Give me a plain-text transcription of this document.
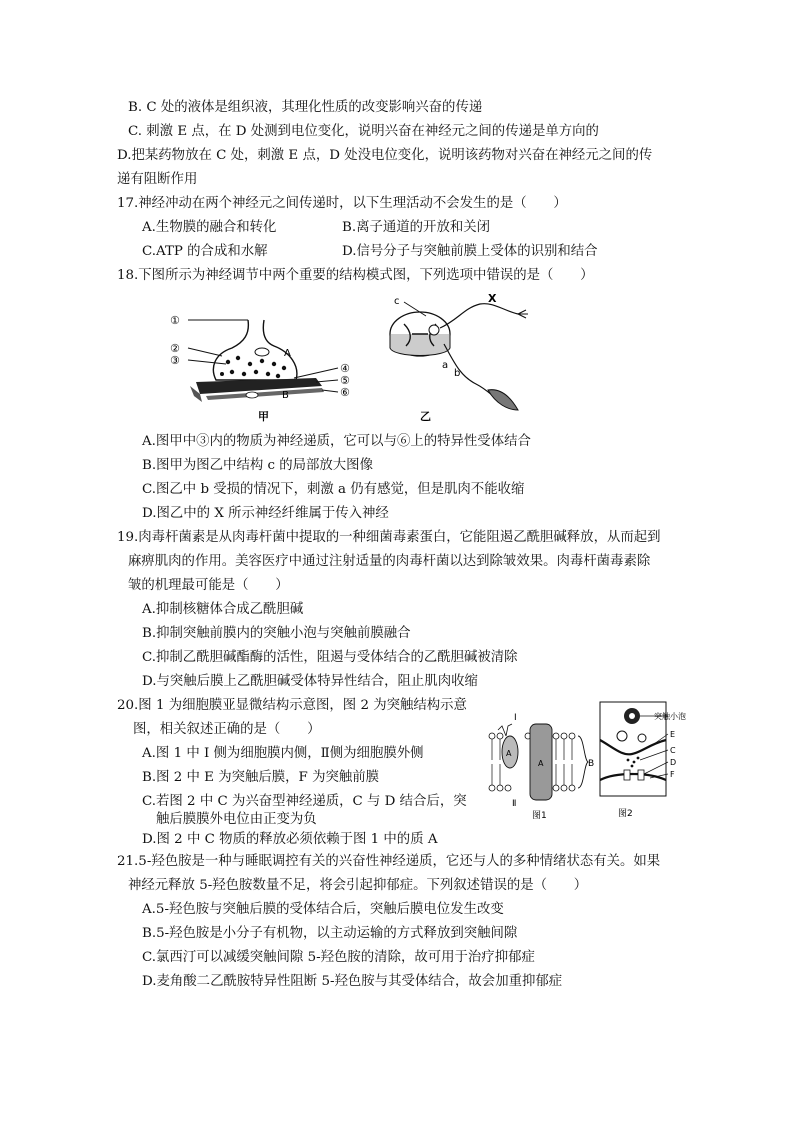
B. C 处的液体是组织液，其理化性质的改变影响兴奋的传递
C. 刺激 E 点，在 D 处测到电位变化，说明兴奋在神经元之间的传递是单方向的
D.把某药物放在 C 处，刺激 E 点，D 处没电位变化，说明该药物对兴奋在神经元之间的传
递有阻断作用
17.神经冲动在两个神经元之间传递时，以下生理活动不会发生的是（　　）
A.生物膜的融合和转化	B.离子通道的开放和关闭
C.ATP 的合成和水解	D.信号分子与突触前膜上受体的识别和结合
18.下图所示为神经调节中两个重要的结构模式图，下列选项中错误的是（　　）
①
②
③
④
⑤
⑥
A
B
甲
c	X
a
b
乙
A.图甲中③内的物质为神经递质，它可以与⑥上的特异性受体结合
B.图甲为图乙中结构 c 的局部放大图像
C.图乙中 b 受损的情况下，刺激 a 仍有感觉，但是肌肉不能收缩
D.图乙中的 X 所示神经纤维属于传入神经
19.肉毒杆菌素是从肉毒杆菌中提取的一种细菌毒素蛋白，它能阻遏乙酰胆碱释放，从而起到
麻痹肌肉的作用。美容医疗中通过注射适量的肉毒杆菌以达到除皱效果。肉毒杆菌毒素除
皱的机理最可能是（　　）
A.抑制核糖体合成乙酰胆碱
B.抑制突触前膜内的突触小泡与突触前膜融合
C.抑制乙酰胆碱酯酶的活性，阻遏与受体结合的乙酰胆碱被清除
D.与突触后膜上乙酰胆碱受体特异性结合，阻止肌肉收缩
20.图 1 为细胞膜亚显微结构示意图，图 2 为突触结构示意
图，相关叙述正确的是（　　）
A.图 1 中 I 侧为细胞膜内侧，Ⅱ侧为细胞膜外侧
B.图 2 中 E 为突触后膜，F 为突触前膜
C.若图 2 中 C 为兴奋型神经递质，C 与 D 结合后，突
触后膜膜外电位由正变为负
D.图 2 中 C 物质的释放必须依赖于图 1 中的质 A
Ⅰ
Ⅱ
A
A	B
图1
突触小泡
E
C
D
F
图2
21.5-羟色胺是一种与睡眠调控有关的兴奋性神经递质，它还与人的多种情绪状态有关。如果
神经元释放 5-羟色胺数量不足，将会引起抑郁症。下列叙述错误的是（　　）
A.5-羟色胺与突触后膜的受体结合后，突触后膜电位发生改变
B.5-羟色胺是小分子有机物，以主动运输的方式释放到突触间隙
C.氯西汀可以减缓突触间隙 5-羟色胺的清除，故可用于治疗抑郁症
D.麦角酸二乙酰胺特异性阻断 5-羟色胺与其受体结合，故会加重抑郁症
